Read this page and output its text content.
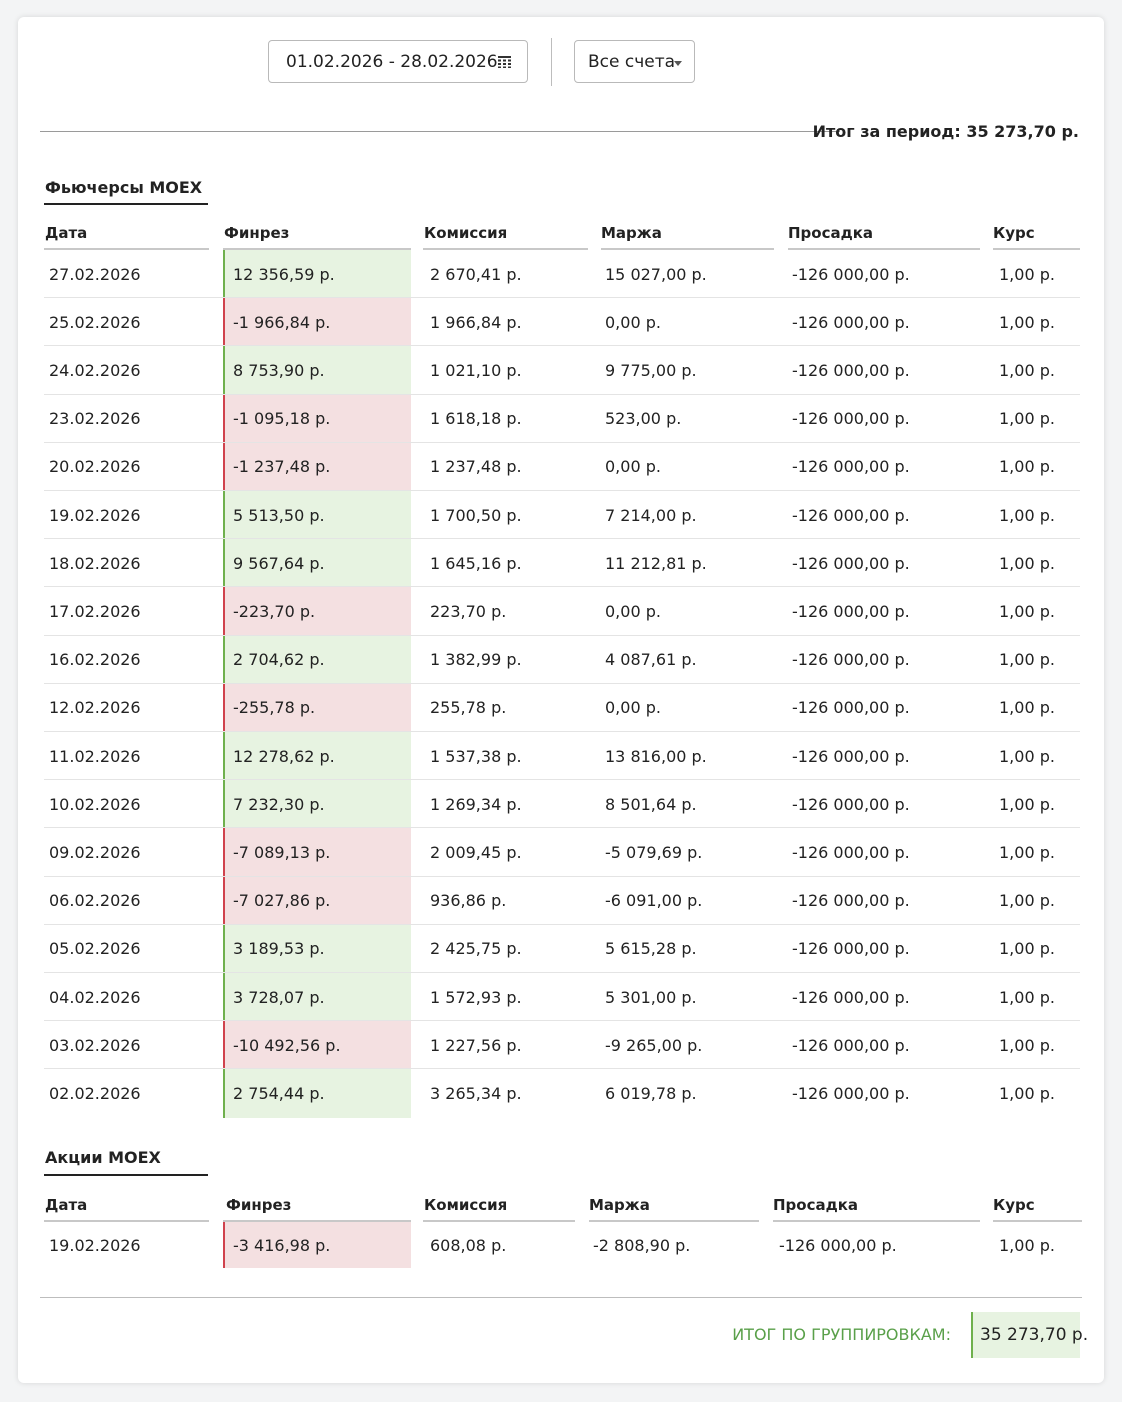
01.02.2026 - 28.02.2026	Все счета
Итог за период: 35 273,70 р.
Фьючерсы MOEX
Дата	Финрез	Комиссия	Маржа	Просадка	Курс
27.02.2026	12 356,59 р.	2 670,41 р.	15 027,00 р.	-126 000,00 р.	1,00 р.
25.02.2026	-1 966,84 р.	1 966,84 р.	0,00 р.	-126 000,00 р.	1,00 р.
24.02.2026	8 753,90 р.	1 021,10 р.	9 775,00 р.	-126 000,00 р.	1,00 р.
23.02.2026	-1 095,18 р.	1 618,18 р.	523,00 р.	-126 000,00 р.	1,00 р.
20.02.2026	-1 237,48 р.	1 237,48 р.	0,00 р.	-126 000,00 р.	1,00 р.
19.02.2026	5 513,50 р.	1 700,50 р.	7 214,00 р.	-126 000,00 р.	1,00 р.
18.02.2026	9 567,64 р.	1 645,16 р.	11 212,81 р.	-126 000,00 р.	1,00 р.
17.02.2026	-223,70 р.	223,70 р.	0,00 р.	-126 000,00 р.	1,00 р.
16.02.2026	2 704,62 р.	1 382,99 р.	4 087,61 р.	-126 000,00 р.	1,00 р.
12.02.2026	-255,78 р.	255,78 р.	0,00 р.	-126 000,00 р.	1,00 р.
11.02.2026	12 278,62 р.	1 537,38 р.	13 816,00 р.	-126 000,00 р.	1,00 р.
10.02.2026	7 232,30 р.	1 269,34 р.	8 501,64 р.	-126 000,00 р.	1,00 р.
09.02.2026	-7 089,13 р.	2 009,45 р.	-5 079,69 р.	-126 000,00 р.	1,00 р.
06.02.2026	-7 027,86 р.	936,86 р.	-6 091,00 р.	-126 000,00 р.	1,00 р.
05.02.2026	3 189,53 р.	2 425,75 р.	5 615,28 р.	-126 000,00 р.	1,00 р.
04.02.2026	3 728,07 р.	1 572,93 р.	5 301,00 р.	-126 000,00 р.	1,00 р.
03.02.2026	-10 492,56 р.	1 227,56 р.	-9 265,00 р.	-126 000,00 р.	1,00 р.
02.02.2026	2 754,44 р.	3 265,34 р.	6 019,78 р.	-126 000,00 р.	1,00 р.
Акции MOEX
Дата	Финрез	Комиссия	Маржа	Просадка	Курс
19.02.2026	-3 416,98 р.	608,08 р.	-2 808,90 р.	-126 000,00 р.	1,00 р.
ИТОГ ПО ГРУППИРОВКАМ:	35 273,70 р.
